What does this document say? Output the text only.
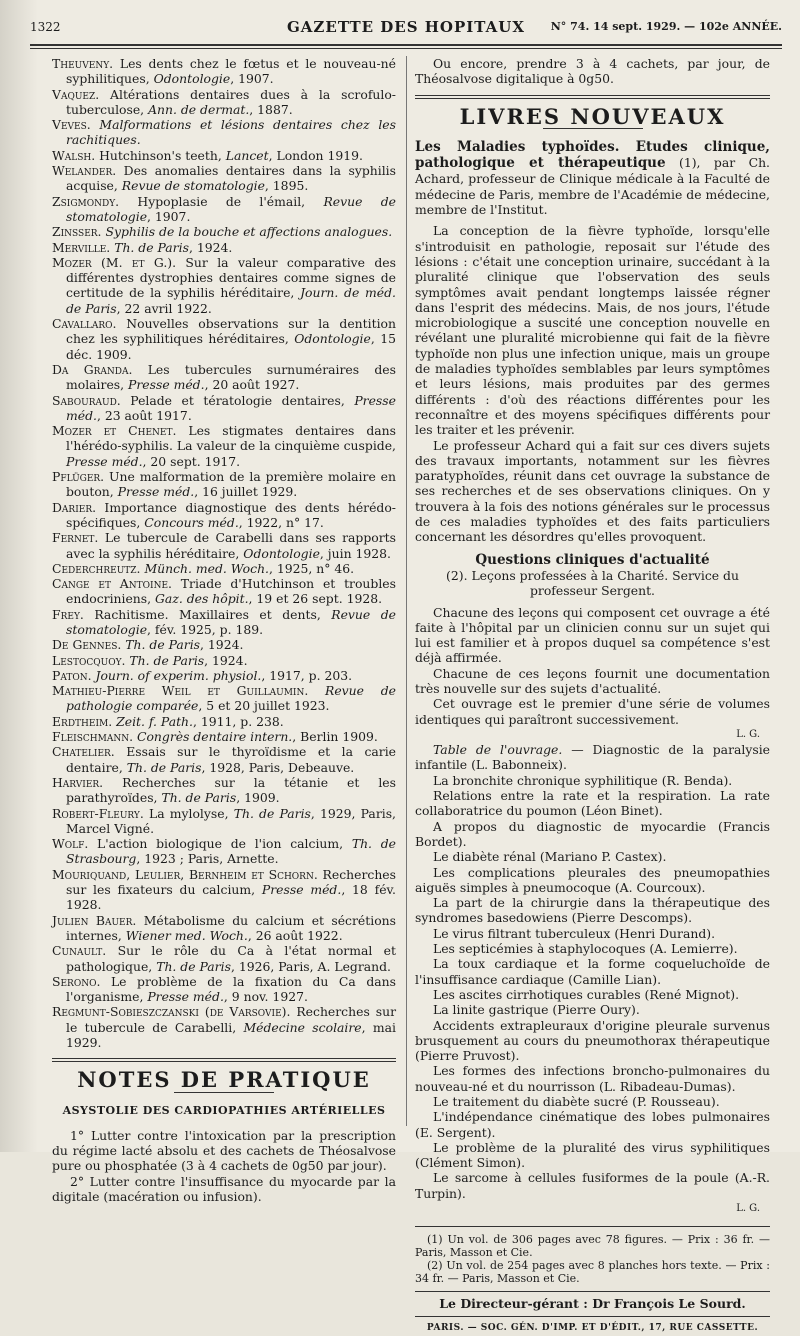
1322	GAZETTE DES HOPITAUX	N° 74. 14 sept. 1929. — 102e ANNÉE.

Theuveny. Les dents chez le fœtus et le nouveau-né syphilitiques, Odontologie, 1907.

Vaquez. Altérations dentaires dues à la scrofulo-tuberculose, Ann. de dermat., 1887.

Veves. Malformations et lésions dentaires chez les rachitiques.

Walsh. Hutchinson's teeth, Lancet, London 1919.

Welander. Des anomalies dentaires dans la syphilis acquise, Revue de stomatologie, 1895.

Zsigmondy. Hypoplasie de l'émail, Revue de stomatologie, 1907.

Zinsser. Syphilis de la bouche et affections analogues.

Merville. Th. de Paris, 1924.

Mozer (M. et G.). Sur la valeur comparative des différentes dystrophies dentaires comme signes de certitude de la syphilis héréditaire, Journ. de méd. de Paris, 22 avril 1922.

Cavallaro. Nouvelles observations sur la dentition chez les syphilitiques héréditaires, Odontologie, 15 déc. 1909.

Da Granda. Les tubercules surnuméraires des molaires, Presse méd., 20 août 1927.

Sabouraud. Pelade et tératologie dentaires, Presse méd., 23 août 1917.

Mozer et Chenet. Les stigmates dentaires dans l'hérédo-syphilis. La valeur de la cinquième cuspide, Presse méd., 20 sept. 1917.

Pflüger. Une malformation de la première molaire en bouton, Presse méd., 16 juillet 1929.

Darier. Importance diagnostique des dents hérédo-spécifiques, Concours méd., 1922, n° 17.

Fernet. Le tubercule de Carabelli dans ses rapports avec la syphilis héréditaire, Odontologie, juin 1928.

Cederchreutz. Münch. med. Woch., 1925, n° 46.

Cange et Antoine. Triade d'Hutchinson et troubles endocriniens, Gaz. des hôpit., 19 et 26 sept. 1928.

Frey. Rachitisme. Maxillaires et dents, Revue de stomatologie, fév. 1925, p. 189.

De Gennes. Th. de Paris, 1924.

Lestocquoy. Th. de Paris, 1924.

Paton. Journ. of experim. physiol., 1917, p. 203.

Mathieu-Pierre Weil et Guillaumin. Revue de pathologie comparée, 5 et 20 juillet 1923.

Erdtheim. Zeit. f. Path., 1911, p. 238.

Fleischmann. Congrès dentaire intern., Berlin 1909.

Chatelier. Essais sur le thyroïdisme et la carie dentaire, Th. de Paris, 1928, Paris, Debeauve.

Harvier. Recherches sur la tétanie et les parathyroïdes, Th. de Paris, 1909.

Robert-Fleury. La mylolyse, Th. de Paris, 1929, Paris, Marcel Vigné.

Wolf. L'action biologique de l'ion calcium, Th. de Strasbourg, 1923 ; Paris, Arnette.

Mouriquand, Leulier, Bernheim et Schorn. Recherches sur les fixateurs du calcium, Presse méd., 18 fév. 1928.

Julien Bauer. Métabolisme du calcium et sécrétions internes, Wiener med. Woch., 26 août 1922.

Cunault. Sur le rôle du Ca à l'état normal et pathologique, Th. de Paris, 1926, Paris, A. Legrand.

Serono. Le problème de la fixation du Ca dans l'organisme, Presse méd., 9 nov. 1927.

Regmunt-Sobieszczanski (de Varsovie). Recherches sur le tubercule de Carabelli, Médecine scolaire, mai 1929.

NOTES DE PRATIQUE
ASYSTOLIE DES CARDIOPATHIES ARTÉRIELLES

1° Lutter contre l'intoxication par la prescription du régime lacté absolu et des cachets de Théosalvose pure ou phosphatée (3 à 4 cachets de 0g50 par jour).

2° Lutter contre l'insuffisance du myocarde par la digitale (macération ou infusion).

Ou encore, prendre 3 à 4 cachets, par jour, de Théosalvose digitalique à 0g50.

LIVRES NOUVEAUX

Les Maladies typhoïdes. Etudes clinique, pathologique et thérapeutique (1), par Ch. Achard, professeur de Clinique médicale à la Faculté de médecine de Paris, membre de l'Académie de médecine, membre de l'Institut.

La conception de la fièvre typhoïde, lorsqu'elle s'introduisit en pathologie, reposait sur l'étude des lésions : c'était une conception urinaire, succédant à la pluralité clinique que l'observation des seuls symptômes avait pendant longtemps laissée régner dans l'esprit des médecins. Mais, de nos jours, l'étude microbiologique a suscité une conception nouvelle en révélant une pluralité microbienne qui fait de la fièvre typhoïde non plus une infection unique, mais un groupe de maladies typhoïdes semblables par leurs symptômes et leurs lésions, mais produites par des germes différents : d'où des réactions différentes pour les reconnaître et des moyens spécifiques différents pour les traiter et les prévenir.

Le professeur Achard qui a fait sur ces divers sujets des travaux importants, notamment sur les fièvres paratyphoïdes, réunit dans cet ouvrage la substance de ses recherches et de ses observations cliniques. On y trouvera à la fois des notions générales sur le processus de ces maladies typhoïdes et des faits particuliers concernant les désordres qu'elles provoquent.

Questions cliniques d'actualité
(2). Leçons professées à la Charité. Service du professeur Sergent.

Chacune des leçons qui composent cet ouvrage a été faite à l'hôpital par un clinicien connu sur un sujet qui lui est familier et à propos duquel sa compétence s'est déjà affirmée.

Chacune de ces leçons fournit une documentation très nouvelle sur des sujets d'actualité.

Cet ouvrage est le premier d'une série de volumes identiques qui paraîtront successivement.

L. G.

Table de l'ouvrage. — Diagnostic de la paralysie infantile (L. Babonneix).

La bronchite chronique syphilitique (R. Benda).

Relations entre la rate et la respiration. La rate collaboratrice du poumon (Léon Binet).

A propos du diagnostic de myocardie (Francis Bordet).

Le diabète rénal (Mariano P. Castex).

Les complications pleurales des pneumopathies aiguës simples à pneumocoque (A. Courcoux).

La part de la chirurgie dans la thérapeutique des syndromes basedowiens (Pierre Descomps).

Le virus filtrant tuberculeux (Henri Durand).

Les septicémies à staphylocoques (A. Lemierre).

La toux cardiaque et la forme coqueluchoïde de l'insuffisance cardiaque (Camille Lian).

Les ascites cirrhotiques curables (René Mignot).

La linite gastrique (Pierre Oury).

Accidents extrapleuraux d'origine pleurale survenus brusquement au cours du pneumothorax thérapeutique (Pierre Pruvost).

Les formes des infections broncho-pulmonaires du nouveau-né et du nourrisson (L. Ribadeau-Dumas).

Le traitement du diabète sucré (P. Rousseau).

L'indépendance cinématique des lobes pulmonaires (E. Sergent).

Le problème de la pluralité des virus syphilitiques (Clément Simon).

Le sarcome à cellules fusiformes de la poule (A.-R. Turpin).

L. G.

(1) Un vol. de 306 pages avec 78 figures. — Prix : 36 fr. — Paris, Masson et Cie.

(2) Un vol. de 254 pages avec 8 planches hors texte. — Prix : 34 fr. — Paris, Masson et Cie.

Le Directeur-gérant : Dr François Le Sourd.

PARIS. — SOC. GÉN. D'IMP. ET D'ÉDIT., 17, RUE CASSETTE.
